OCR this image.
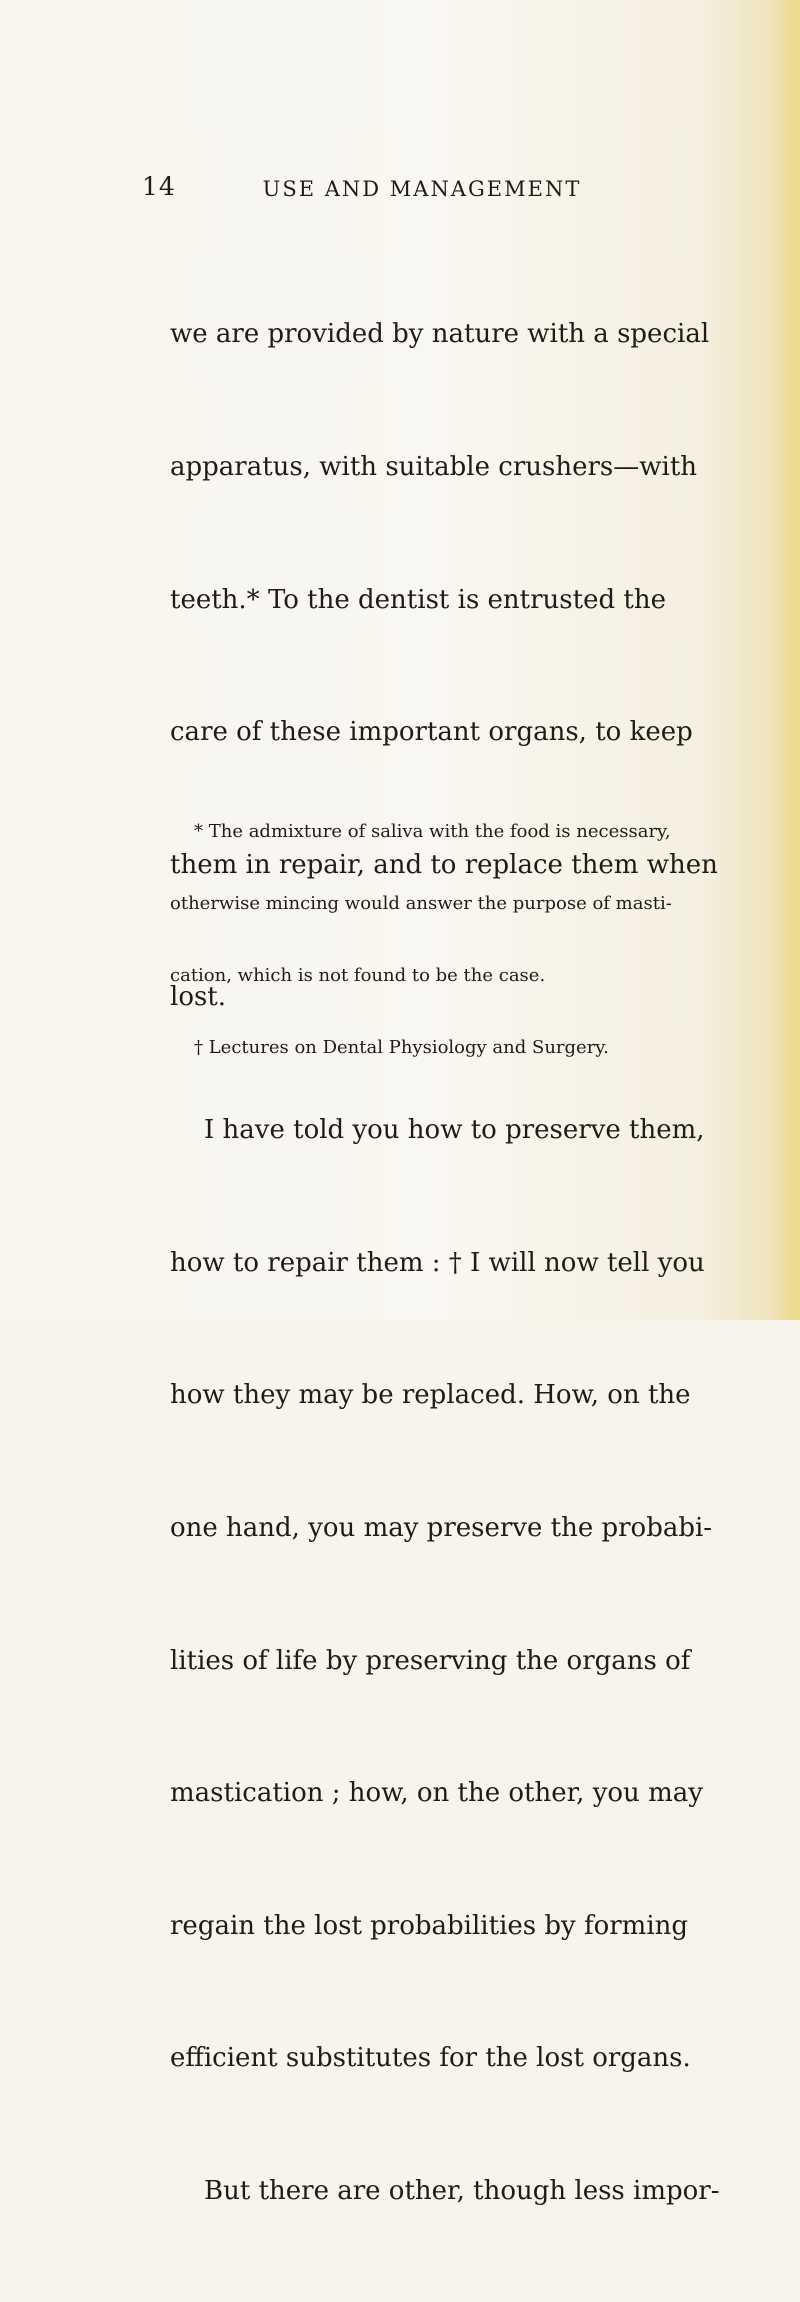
14	USE AND MANAGEMENT

we are provided by nature with a special

apparatus, with suitable crushers—with

teeth.* To the dentist is entrusted the

care of these important organs, to keep

them in repair, and to replace them when

lost.

I have told you how to preserve them,

how to repair them : † I will now tell you

how they may be replaced. How, on the

one hand, you may preserve the probabi-

lities of life by preserving the organs of

mastication ; how, on the other, you may

regain the lost probabilities by forming

efficient substitutes for the lost organs.

But there are other, though less impor-

* The admixture of saliva with the food is necessary,

otherwise mincing would answer the purpose of masti-

cation, which is not found to be the case.

† Lectures on Dental Physiology and Surgery.
